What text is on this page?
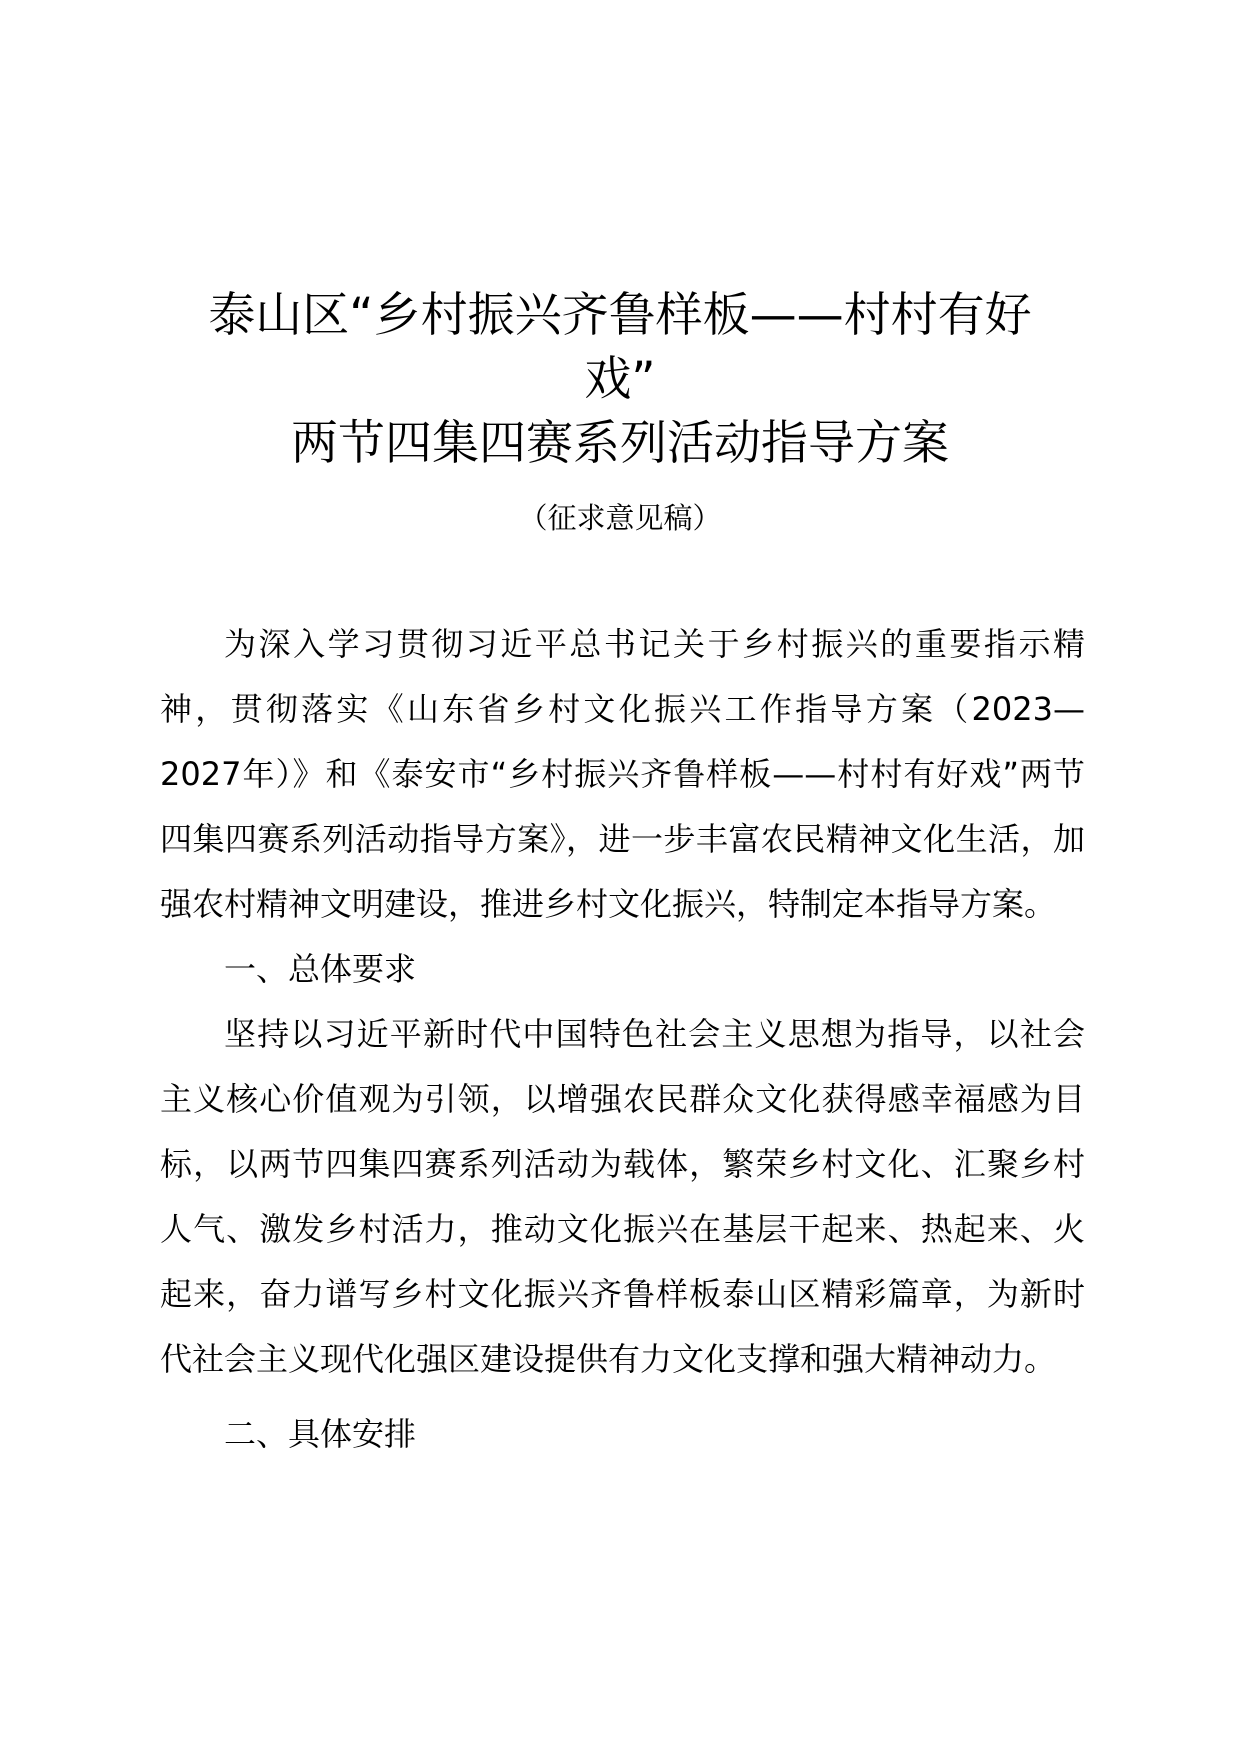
泰山区“乡村振兴齐鲁样板——村村有好
戏”
两节四集四赛系列活动指导方案
（征求意见稿）

为深入学习贯彻习近平总书记关于乡村振兴的重要指示精神，贯彻落实《山东省乡村文化振兴工作指导方案（2023—2027年）》和《泰安市“乡村振兴齐鲁样板——村村有好戏”两节四集四赛系列活动指导方案》，进一步丰富农民精神文化生活，加强农村精神文明建设，推进乡村文化振兴，特制定本指导方案。

一、总体要求

坚持以习近平新时代中国特色社会主义思想为指导，以社会主义核心价值观为引领，以增强农民群众文化获得感幸福感为目标，以两节四集四赛系列活动为载体，繁荣乡村文化、汇聚乡村人气、激发乡村活力，推动文化振兴在基层干起来、热起来、火起来，奋力谱写乡村文化振兴齐鲁样板泰山区精彩篇章，为新时代社会主义现代化强区建设提供有力文化支撑和强大精神动力。

二、具体安排
